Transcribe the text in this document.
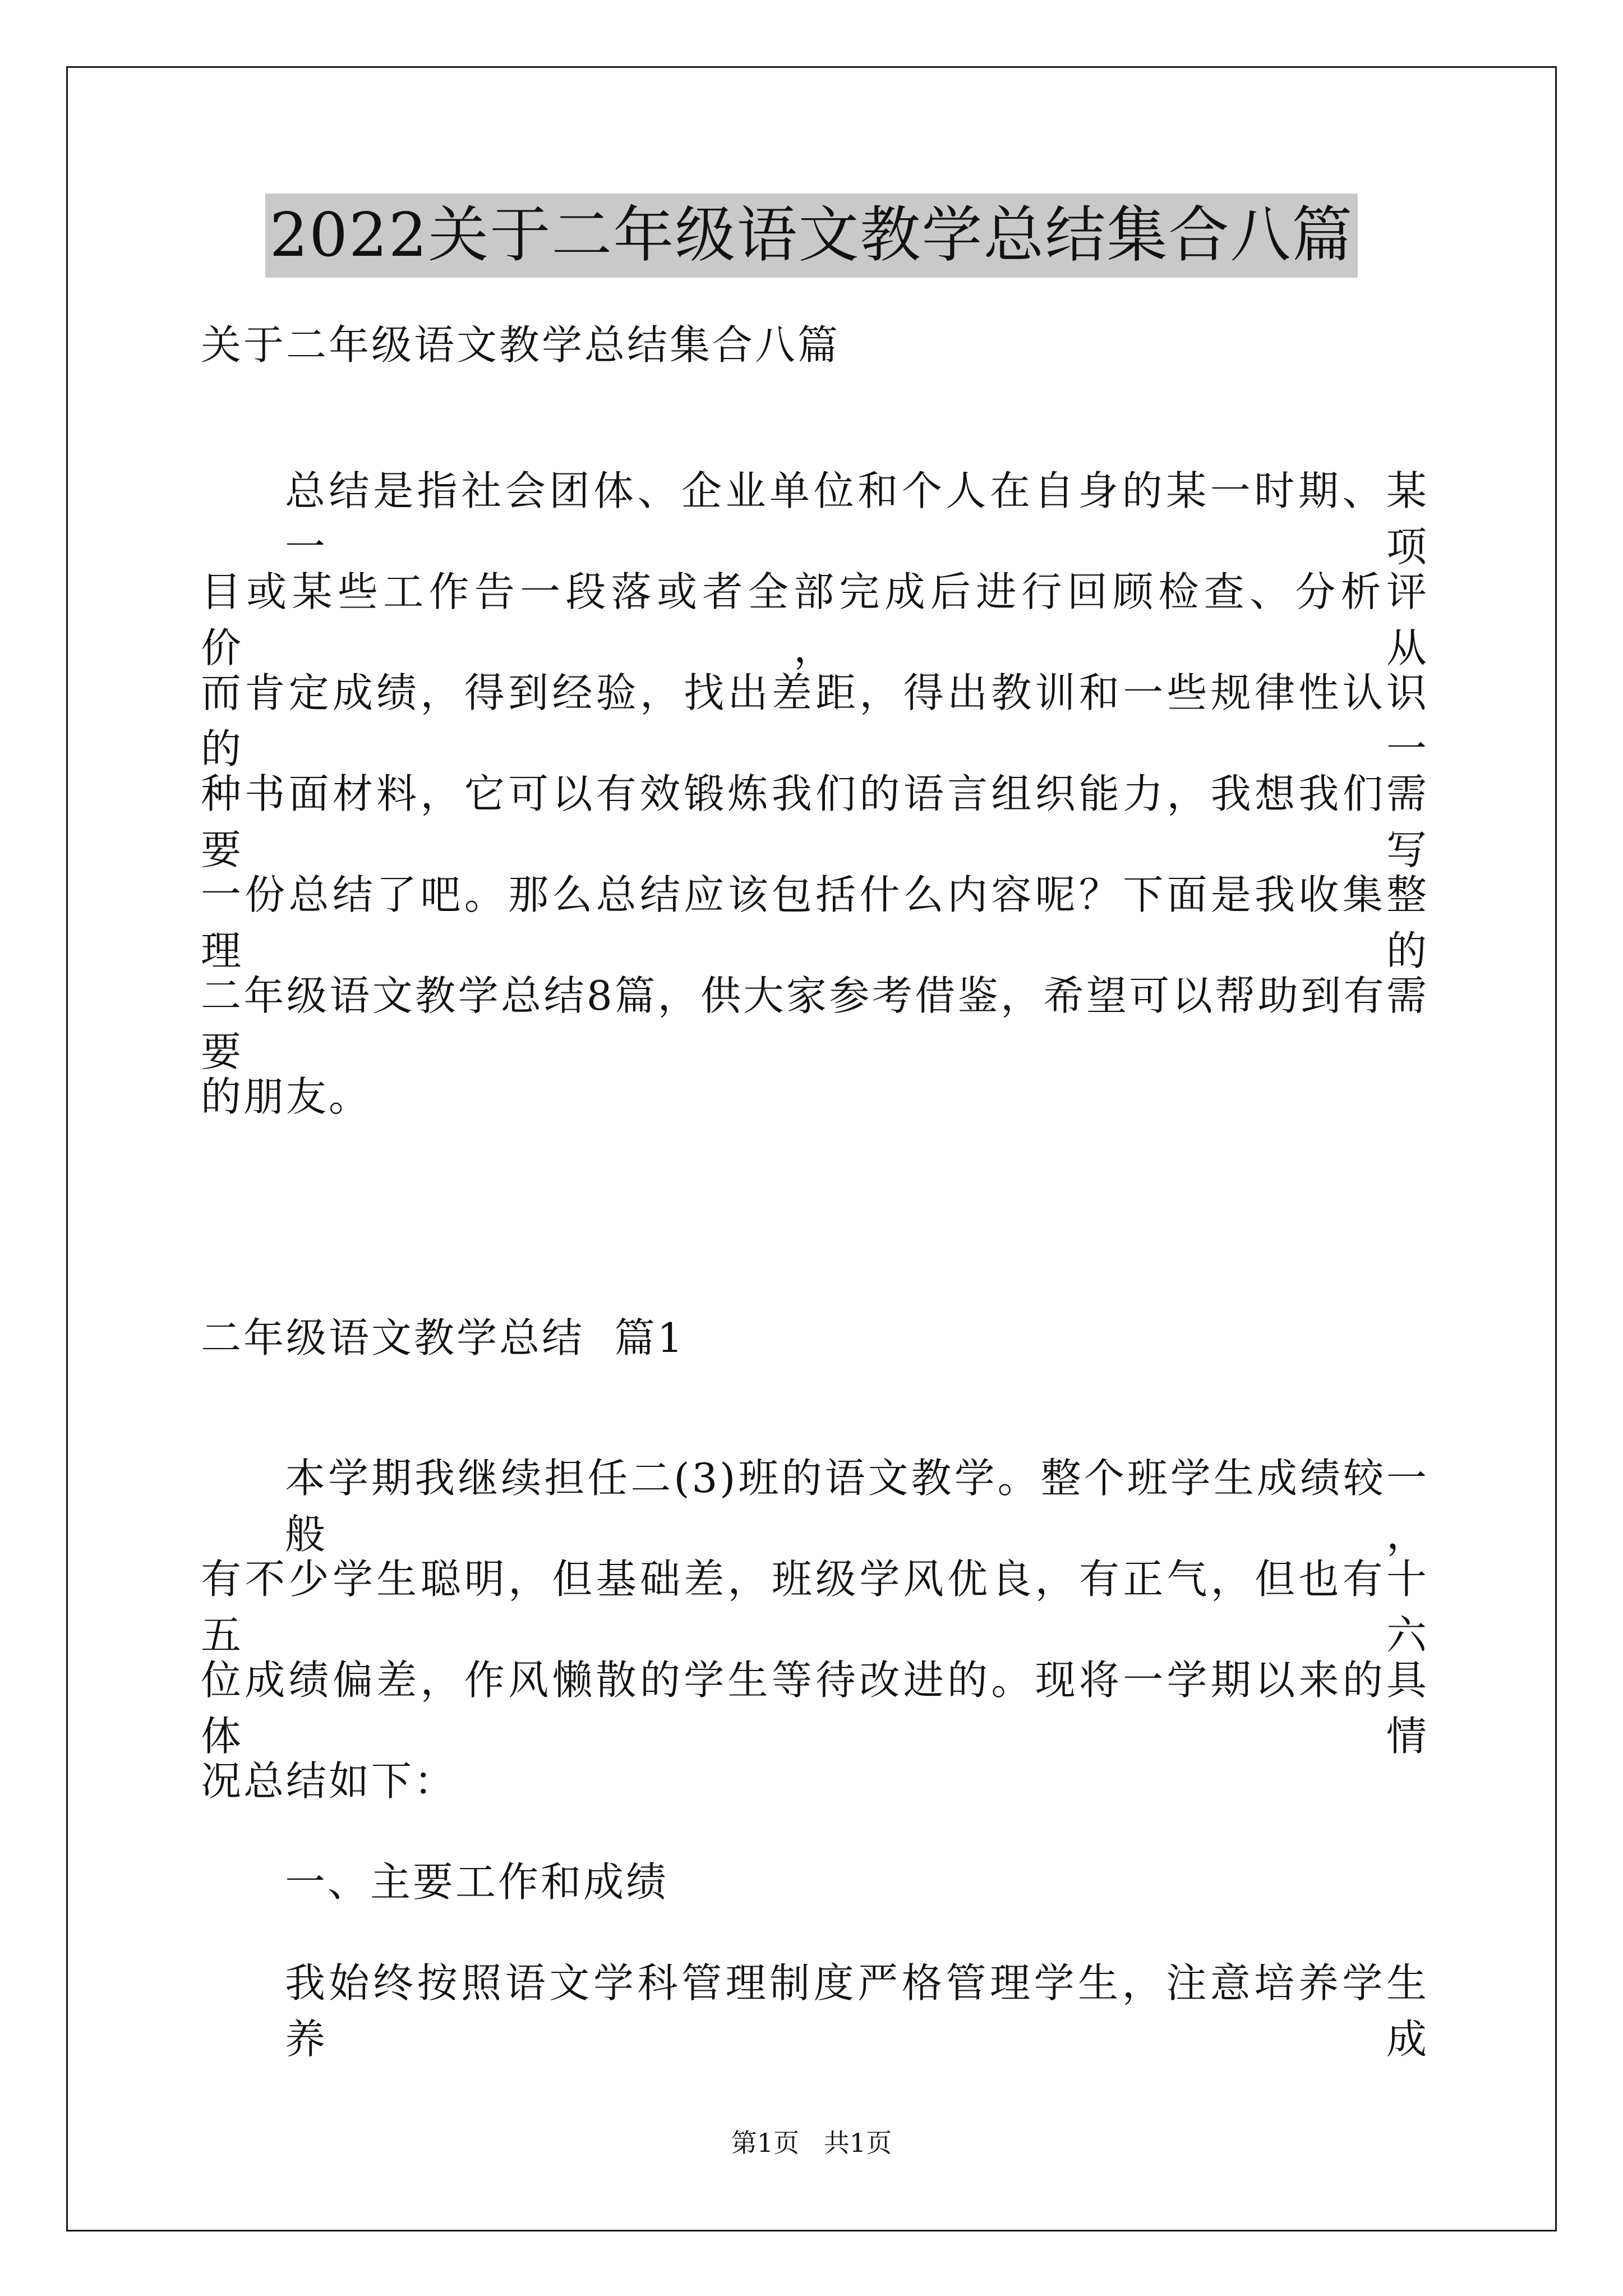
2022关于二年级语文教学总结集合八篇
关于二年级语文教学总结集合八篇
总结是指社会团体、企业单位和个人在自身的某一时期、某一项
目或某些工作告一段落或者全部完成后进行回顾检查、分析评价，从
而肯定成绩，得到经验，找出差距，得出教训和一些规律性认识的一
种书面材料，它可以有效锻炼我们的语言组织能力，我想我们需要写
一份总结了吧。那么总结应该包括什么内容呢？下面是我收集整理的
二年级语文教学总结8篇，供大家参考借鉴，希望可以帮助到有需要
的朋友。
二年级语文教学总结  篇1
本学期我继续担任二(3)班的语文教学。整个班学生成绩较一般，
有不少学生聪明，但基础差，班级学风优良，有正气，但也有十五六
位成绩偏差，作风懒散的学生等待改进的。现将一学期以来的具体情
况总结如下：
一、主要工作和成绩
我始终按照语文学科管理制度严格管理学生，注意培养学生养成
第1页   共1页
